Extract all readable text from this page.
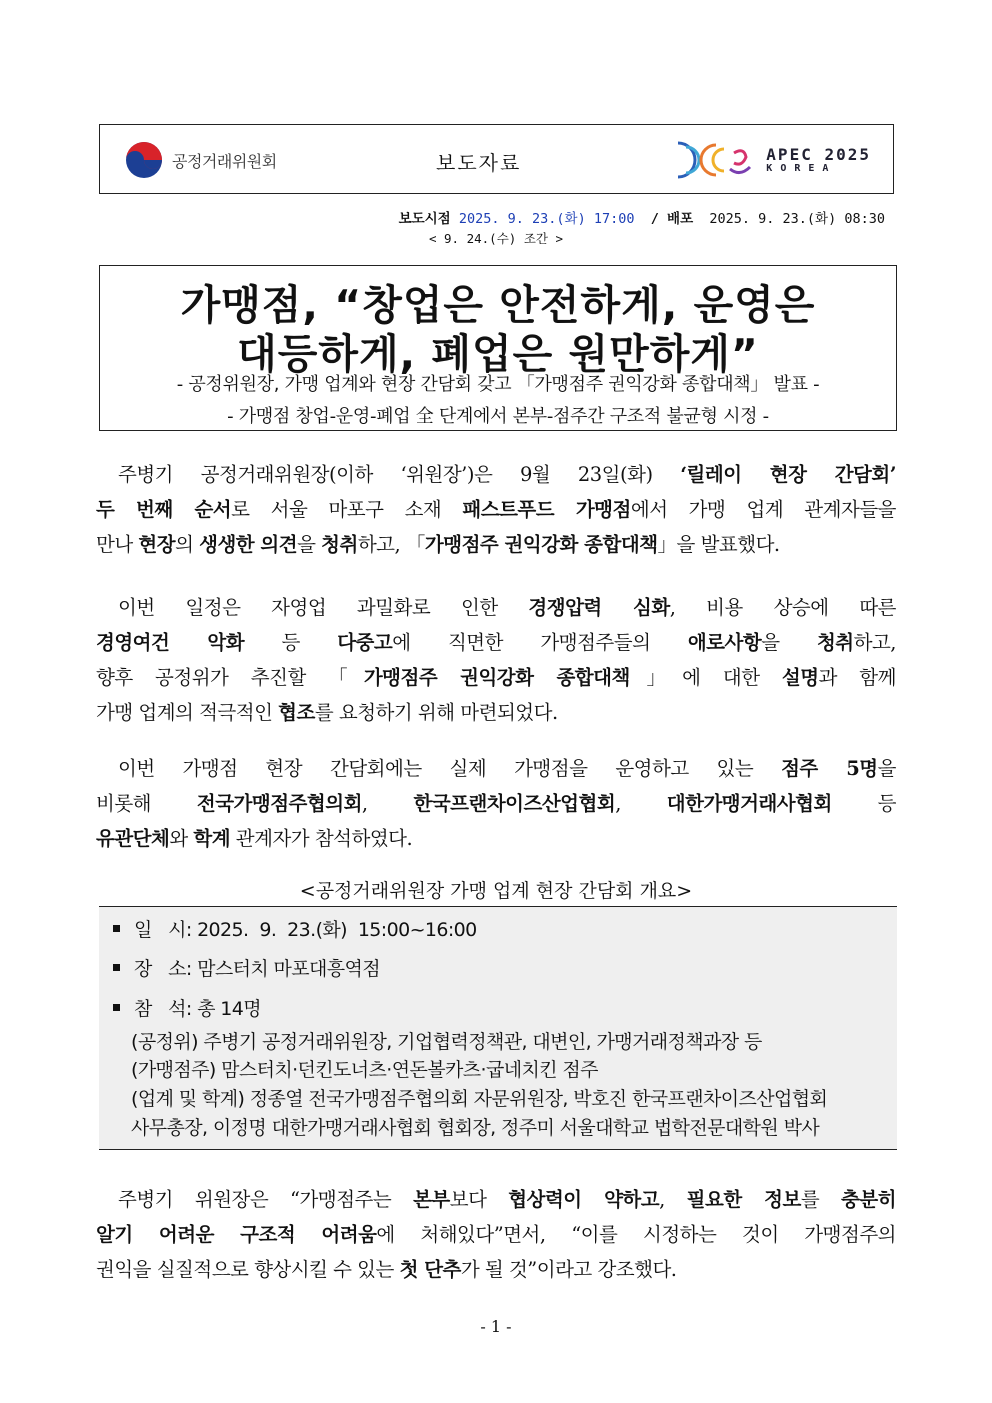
공정거래위원회	보도자료	APEC 2025
KOREA
보도시점 2025. 9. 23.(화) 17:00 / 배포 2025. 9. 23.(화) 08:30
< 9. 24.(수) 조간 >
가맹점, “창업은 안전하게, 운영은
대등하게, 폐업은 원만하게”
- 공정위원장, 가맹 업계와 현장 간담회 갖고 「가맹점주 권익강화 종합대책」 발표 -
- 가맹점 창업-운영-폐업 全 단계에서 본부-점주간 구조적 불균형 시정 -
주병기 공정거래위원장(이하 ‘위원장’)은 9월 23일(화) ‘릴레이 현장 간담회’
두 번째 순서로 서울 마포구 소재 패스트푸드 가맹점에서 가맹 업계 관계자들을
만나 현장의 생생한 의견을 청취하고, 「가맹점주 권익강화 종합대책」을 발표했다.
이번 일정은 자영업 과밀화로 인한 경쟁압력 심화, 비용 상승에 따른
경영여건 악화 등 다중고에 직면한 가맹점주들의 애로사항을 청취하고,
향후 공정위가 추진할 「가맹점주 권익강화 종합대책」에 대한 설명과 함께
가맹 업계의 적극적인 협조를 요청하기 위해 마련되었다.
이번 가맹점 현장 간담회에는 실제 가맹점을 운영하고 있는 점주 5명을
비롯해 전국가맹점주협의회, 한국프랜차이즈산업협회, 대한가맹거래사협회 등
유관단체와 학계 관계자가 참석하였다.
<공정거래위원장 가맹 업계 현장 간담회 개요>
일   시: 2025.  9.  23.(화)  15:00~16:00
장   소: 맘스터치 마포대흥역점
참   석: 총 14명
(공정위) 주병기 공정거래위원장, 기업협력정책관, 대변인, 가맹거래정책과장 등
(가맹점주) 맘스터치·던킨도너츠·연돈볼카츠·굽네치킨 점주
(업계 및 학계) 정종열 전국가맹점주협의회 자문위원장, 박호진 한국프랜차이즈산업협회
사무총장, 이정명 대한가맹거래사협회 협회장, 정주미 서울대학교 법학전문대학원 박사
주병기 위원장은 “가맹점주는 본부보다 협상력이 약하고, 필요한 정보를 충분히
알기 어려운 구조적 어려움에 처해있다”면서, “이를 시정하는 것이 가맹점주의
권익을 실질적으로 향상시킬 수 있는 첫 단추가 될 것”이라고 강조했다.
- 1 -
